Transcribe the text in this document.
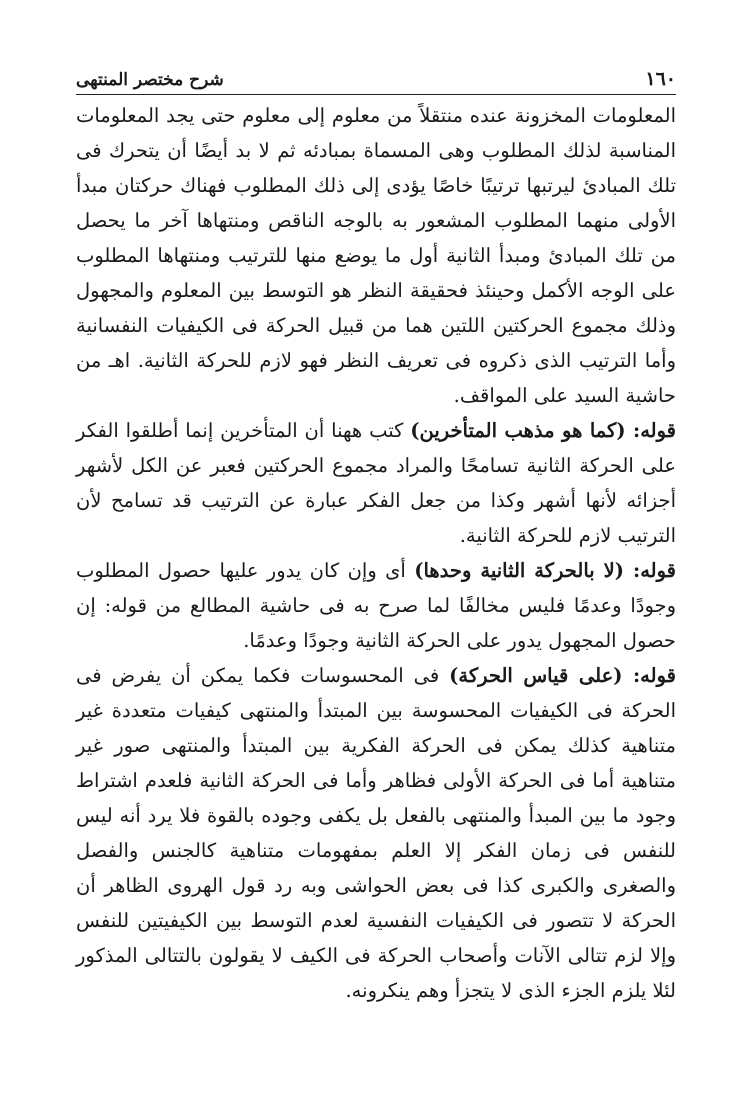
١٦٠
شرح مختصر المنتهى

المعلومات المخزونة عنده منتقلاً من معلوم إلى معلوم حتى يجد المعلومات المناسبة لذلك المطلوب وهى المسماة بمبادئه ثم لا بد أيضًا أن يتحرك فى تلك المبادئ ليرتبها ترتيبًا خاصًا يؤدى إلى ذلك المطلوب فهناك حركتان مبدأ الأولى منهما المطلوب المشعور به بالوجه الناقص ومنتهاها آخر ما يحصل من تلك المبادئ ومبدأ الثانية أول ما يوضع منها للترتيب ومنتهاها المطلوب على الوجه الأكمل وحينئذ فحقيقة النظر هو التوسط بين المعلوم والمجهول وذلك مجموع الحركتين اللتين هما من قبيل الحركة فى الكيفيات النفسانية وأما الترتيب الذى ذكروه فى تعريف النظر فهو لازم للحركة الثانية. اهـ من حاشية السيد على المواقف.

قوله: (كما هو مذهب المتأخرين) كتب ههنا أن المتأخرين إنما أطلقوا الفكر على الحركة الثانية تسامحًا والمراد مجموع الحركتين فعبر عن الكل لأشهر أجزائه لأنها أشهر وكذا من جعل الفكر عبارة عن الترتيب قد تسامح لأن الترتيب لازم للحركة الثانية.

قوله: (لا بالحركة الثانية وحدها) أى وإن كان يدور عليها حصول المطلوب وجودًا وعدمًا فليس مخالفًا لما صرح به فى حاشية المطالع من قوله: إن حصول المجهول يدور على الحركة الثانية وجودًا وعدمًا.

قوله: (على قياس الحركة) فى المحسوسات فكما يمكن أن يفرض فى الحركة فى الكيفيات المحسوسة بين المبتدأ والمنتهى كيفيات متعددة غير متناهية كذلك يمكن فى الحركة الفكرية بين المبتدأ والمنتهى صور غير متناهية أما فى الحركة الأولى فظاهر وأما فى الحركة الثانية فلعدم اشتراط وجود ما بين المبدأ والمنتهى بالفعل بل يكفى وجوده بالقوة فلا يرد أنه ليس للنفس فى زمان الفكر إلا العلم بمفهومات متناهية كالجنس والفصل والصغرى والكبرى كذا فى بعض الحواشى وبه رد قول الهروى الظاهر أن الحركة لا تتصور فى الكيفيات النفسية لعدم التوسط بين الكيفيتين للنفس وإلا لزم تتالى الآنات وأصحاب الحركة فى الكيف لا يقولون بالتتالى المذكور لئلا يلزم الجزء الذى لا يتجزأ وهم ينكرونه.
